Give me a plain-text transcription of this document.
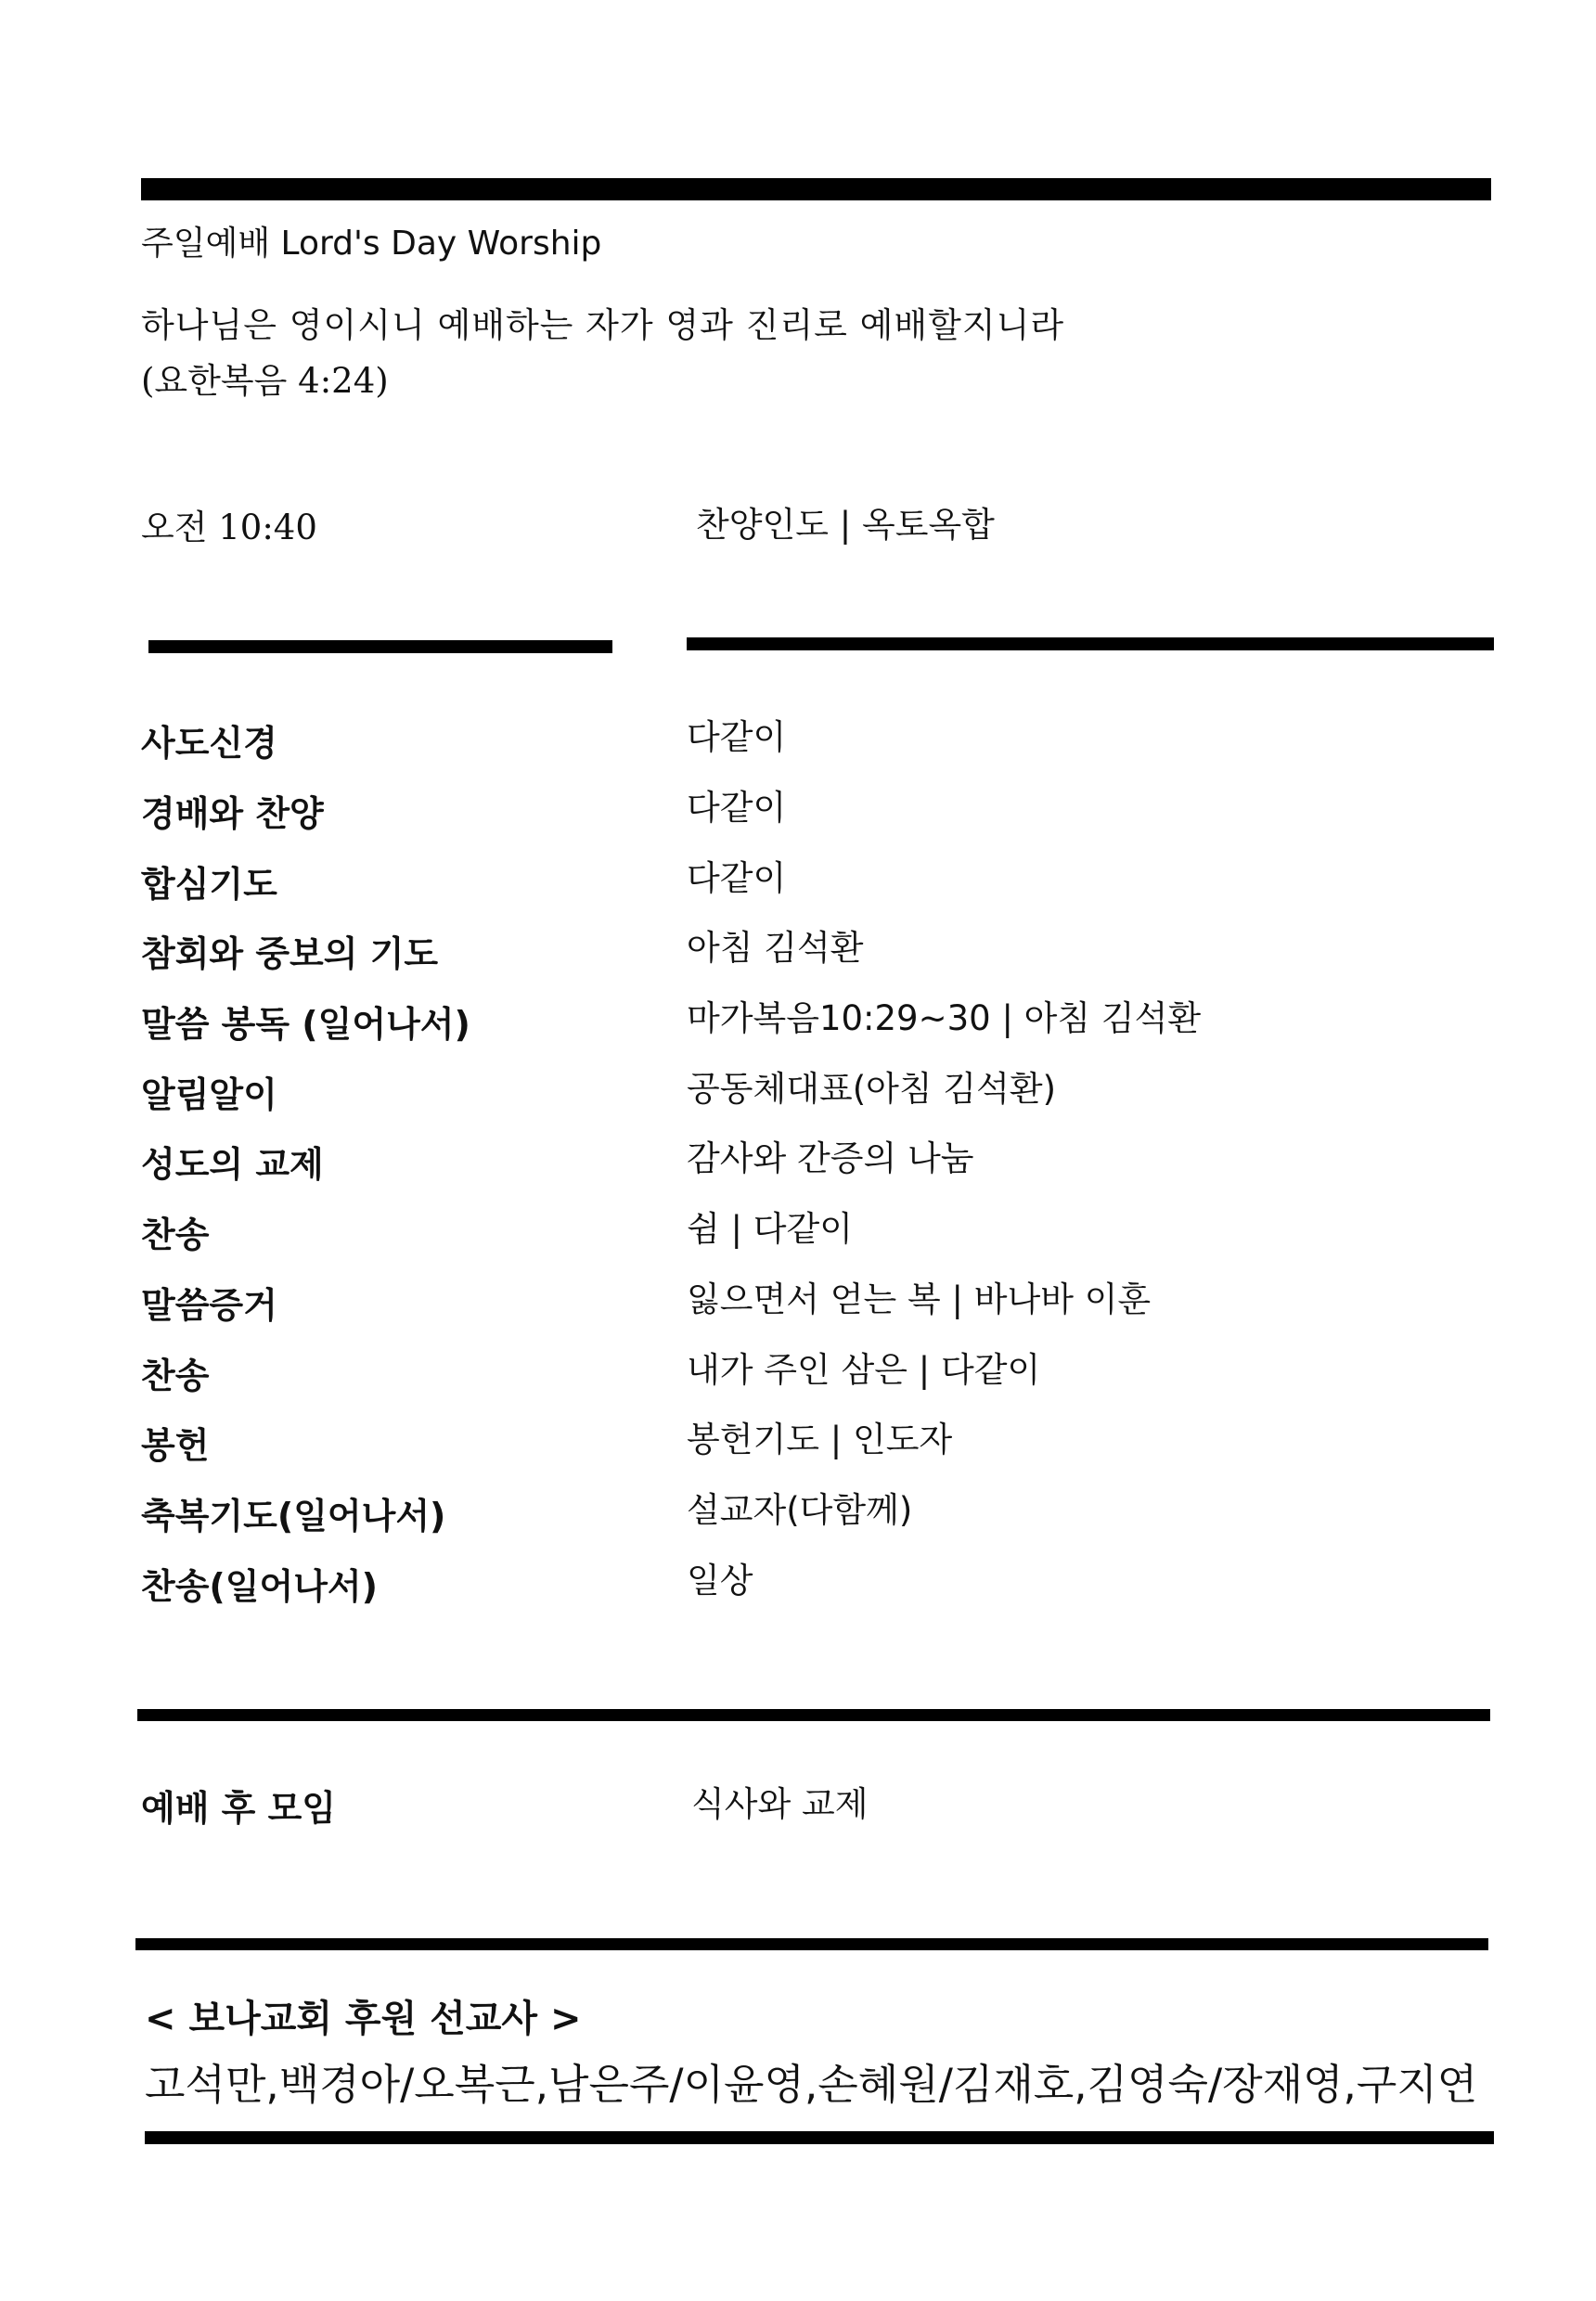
주일예배 Lord's Day Worship
하나님은 영이시니 예배하는 자가 영과 진리로 예배할지니라
(요한복음 4:24)
오전 10:40	찬양인도 | 옥토옥합
사도신경	다같이
경배와 찬양	다같이
합심기도	다같이
참회와 중보의 기도	아침 김석환
말씀 봉독 (일어나서)	마가복음10:29~30 | 아침 김석환
알림알이	공동체대표(아침 김석환)
성도의 교제	감사와 간증의 나눔
찬송	쉼 | 다같이
말씀증거	잃으면서 얻는 복 | 바나바 이훈
찬송	내가 주인 삼은 | 다같이
봉헌	봉헌기도 | 인도자
축복기도(일어나서)	설교자(다함께)
찬송(일어나서)	일상
예배 후 모임	식사와 교제
< 보나교회 후원 선교사 >
고석만,백경아/오복근,남은주/이윤영,손혜원/김재호,김영숙/장재영,구지연
